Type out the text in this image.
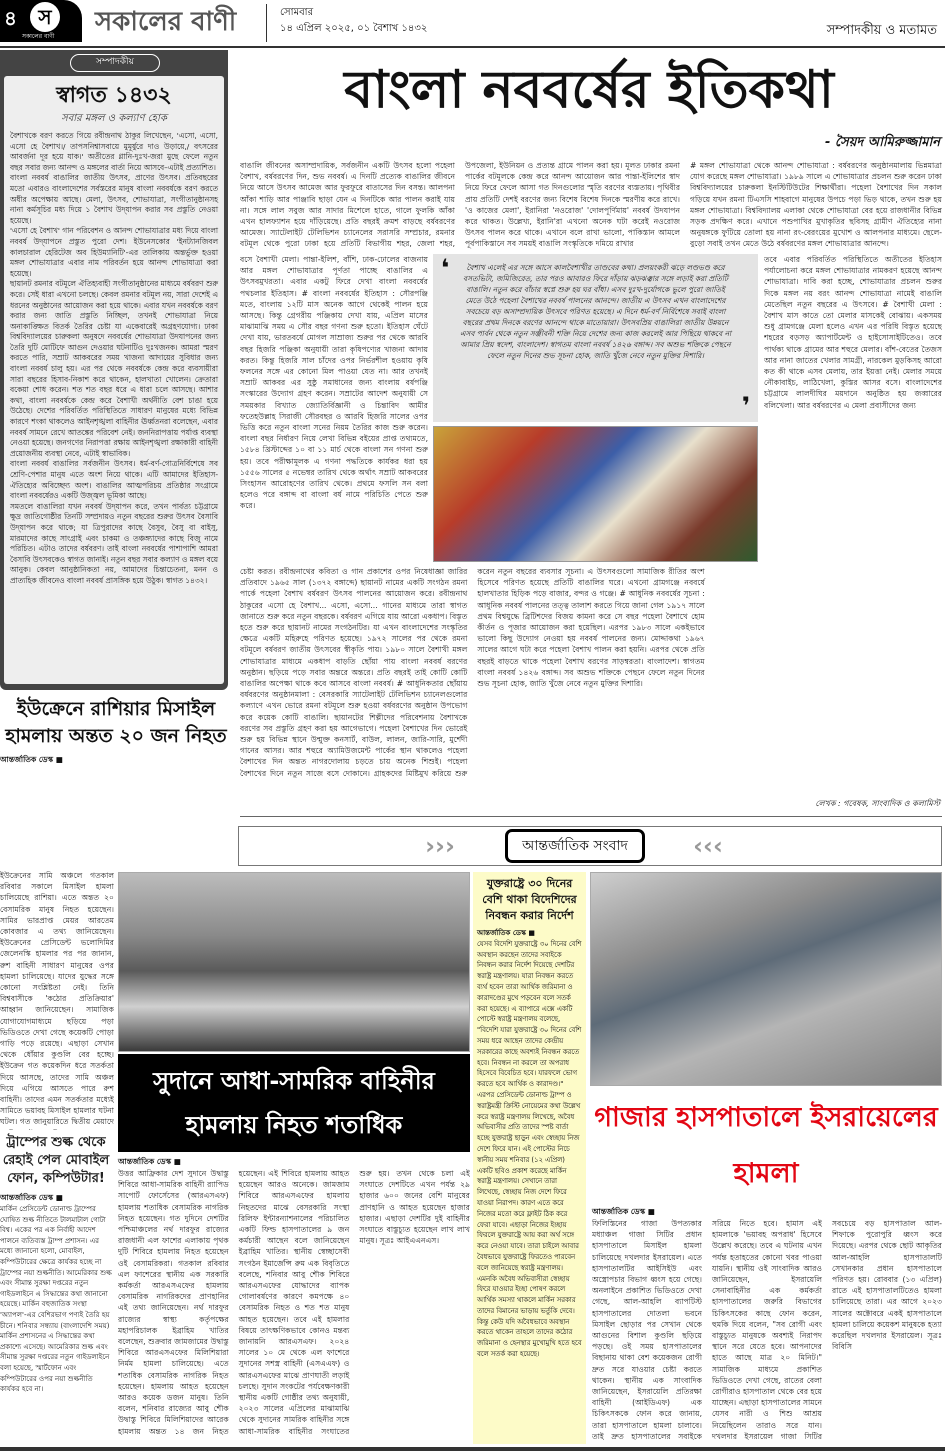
৪	স
সকালের বাণী সকালের বাণী	সোমবার
১৪ এপ্রিল ২০২৫, ০১ বৈশাখ ১৪৩২	সম্পাদকীয় ও মতামত
সম্পাদকীয়
স্বাগত ১৪৩২
সবার মঙ্গল ও কল্যাণ হোক

বৈশাখকে বরণ করতে গিয়ে রবীন্দ্রনাথ ঠাকুর লিখেছেন, 'এসো, এসো, এসো হে বৈশাখ।/ তাপসনিশ্বাসবায়ে মুমূর্ষুরে দাও উড়ায়ে,/ বৎসরের আবর্জনা দূর হয়ে যাক।' অতীতের গ্লানি-দুঃখ-জরা মুছে ফেলে নতুন বছর সবার জন্য আনন্দ ও মঙ্গলের বার্তা নিয়ে আসবে–এটাই প্রত্যাশিত।

বাংলা নববর্ষ বাঙালির জাতীয় উৎসব, প্রাণের উৎসব। প্রতিবছরের মতো এবারও বাংলাদেশের সর্বস্তরের মানুষ বাংলা নববর্ষকে বরণ করতে অধীর অপেক্ষায় আছে। মেলা, উৎসব, শোভাযাত্রা, সংগীতানুষ্ঠানসহ নানা কর্মসূচির মধ্য দিয়ে ১ বৈশাখ উদ্‌যাপন করার সব প্রস্তুতি নেওয়া হয়েছে।

'এসো হে বৈশাখ' গান পরিবেশন ও আনন্দ শোভাযাত্রার মধ্য দিয়ে বাংলা নববর্ষ উদ্‌যাপনে প্রস্তুত পুরো দেশ। ইউনেসকোর 'ইনট্যানজিবল কালচারাল হেরিটেজ অব হিউম্যানিটি'-এর তালিকায় অন্তর্ভুক্ত হওয়া মঙ্গল শোভাযাত্রার এবার নাম পরিবর্তন হয়ে আনন্দ শোভাযাত্রা করা হয়েছে।

ছায়ানট রমনার বটমূলে ঐতিহ্যবাহী সংগীতানুষ্ঠানের মাধ্যমে বর্ষবরণ শুরু করে। সেই ধারা এখনো চলছে। কেবল রমনার বটমূল নয়, সারা দেশেই এ ধরনের অনুষ্ঠানের আয়োজন করা হয়ে থাকে। এবার যখন নববর্ষকে বরণ করার জন্য জাতি প্রস্তুতি নিচ্ছিল, তখনই শোভাযাত্রা নিয়ে অনাকাঙ্ক্ষিত বিতর্ক তৈরির চেষ্টা যা একেবারেই অগ্রহণযোগ্য। ঢাকা বিশ্ববিদ্যালয়ের চারুকলা অনুষদে নববর্ষের শোভাযাত্রা উদযাপনের জন্য তৈরি দুটি মোটিফে আগুন দেওয়ার ঘটনাটিও দুঃখজনক। আমরা স্মরণ করতে পারি, সম্রাট আকবরের সময় খাজনা আদায়ের সুবিধার জন্য বাংলা নববর্ষ চালু হয়। এর পর থেকে নববর্ষকে কেন্দ্র করে ব্যবসায়ীরা সারা বছরের হিসাব-নিকাশ করে থাকেন, হালখাতা খোলেন। ক্রেতারা বকেয়া শোধ করেন। শত শত বছর ধরে এ ধারা চলে আসছে। আশার কথা, বাংলা নববর্ষকে কেন্দ্র করে বৈশাখী অর্থনীতি বেশ চাঙা হয়ে উঠেছে। দেশের পরিবর্তিত পরিস্থিতিতে সাধারণ মানুষের মধ্যে বিভিন্ন কারণে শংকা থাকলেও আইনশৃঙ্খলা বাহিনীর ঊর্ধ্বতনরা বলেছেন, এবার নববর্ষ সামনে রেখে আতঙ্কের পরিবেশ নেই। জননিরাপত্তায় পর্যাপ্ত ব্যবস্থা নেওয়া হয়েছে। জনগণের নিরাপত্তা রক্ষায় আইনশৃঙ্খলা রক্ষাকারী বাহিনী প্রয়োজনীয় ব্যবস্থা নেবে, এটাই স্বাভাবিক।

বাংলা নববর্ষ বাঙালির সর্বজনীন উৎসব। ধর্ম-বর্ণ-গোত্রনির্বিশেষে সব শ্রেণি-পেশার মানুষ এতে অংশ নিয়ে থাকে। এটি আমাদের ইতিহাস-ঐতিহ্যের অবিচ্ছেদ্য অংশ। বাঙালির আত্মপরিচয় প্রতিষ্ঠার সংগ্রামে বাংলা নববর্ষেরও একটি উজ্জ্বল ভূমিকা আছে।

সমতলে বাঙালিরা যখন নববর্ষ উদ্‌যাপন করে, তখন পার্বত্য চট্টগ্রামে ক্ষুদ্র জাতিগোষ্ঠীর তিনটি সম্প্রদায়ও নতুন বছরের শুরুর উৎসব বৈসাবি উদ্‌যাপন করে থাকে; যা ত্রিপুরাদের কাছে বৈসুব, বৈসু বা বাইসু, মারমাদের কাছে সাংগ্রাই এবং চাকমা ও তঞ্চঙ্গ্যাদের কাছে বিজু নামে পরিচিত। এটাও তাদের বর্ষবরণ। তাই বাংলা নববর্ষের পাশাপাশি আমরা বৈসাবি উৎসবকেও স্বাগত জানাই। নতুন বছর সবার কল্যাণ ও মঙ্গল বয়ে আনুক। কেবল আনুষ্ঠানিকতা নয়, আমাদের চিন্তাচেতনা, মনন ও প্রাত্যহিক জীবনেও বাংলা নববর্ষ প্রাসঙ্গিক হয়ে উঠুক। স্বাগত ১৪৩২।

বাংলা নববর্ষের ইতিকথা
- সৈয়দ আমিরুজ্জামান
বাঙালি জীবনের অসাম্প্রদায়িক, সর্বজনীন একটি উৎসব হলো পহেলা বৈশাখ, বর্ষবরণের দিন, শুভ নববর্ষ। এ দিনটি প্রত্যেক বাঙালির জীবনে নিয়ে আসে উৎসব আমেজ আর ফুরফুরে বাতাসের দিন বসন্ত। আলপনা আঁকা শাড়ি আর পাঞ্জাবি ছাড়া যেন এ দিনটিকে আর পালন করাই যায় না। সঙ্গে লাল সবুজ আর সাদার মিশেলে হাতে, গালে ফুলকি আঁকা এখন হালফ্যাশন হয়ে দাঁড়িয়েছে। প্রতি বছরই ক্রমশ বাড়ছে বর্ষবরণের আমেজ। স্যাটেলাইট টেলিভিশন চ্যানেলের সরাসরি সম্প্রচার, রমনার বটমূল থেকে পুরো ঢাকা হয়ে প্রতিটি বিভাগীয় শহর, জেলা শহর, উপজেলা, ইউনিয়ন ও প্রত্যন্ত গ্রামে পালন করা হয়। মূলত ঢাকার রমনা পার্কের বটমূলকে কেন্দ্র করে আনন্দ আয়োজন আর পান্তা-ইলিশের স্বাদ নিয়ে ফিরে ফেলে আসা গত দিনগুলোর স্মৃতি বরণের ব্যস্ততায়। পৃথিবীর প্রায় প্রতিটি দেশই বরণের জন্য বিশেষ বিশেষ দিনকে স্মরণীয় করে রাখে। 'ও কাজের মেলা', ইরানিরা 'নওরোজ' 'দোলপূর্ণিমায়' নববর্ষ উদযাপন করে থাকত। উল্লেখ্য, ইরানি'রা এখনো অনেক ঘটা করেই নওরোজ উৎসব পালন করে থাকে। এখানে বলে রাখা ভালো, পাকিস্তান আমলে পূর্বপাকিস্তানে সব সময়ই বাঙালি সংস্কৃতিকে দমিয়ে রাখার
# মঙ্গল শোভাযাত্রা থেকে আনন্দ শোভাযাত্রা : বর্ষবরণের অনুষ্ঠানমালায় ভিন্নমাত্রা যোগ করেছে মঙ্গল শোভাযাত্রা। ১৯৮৯ সালে এ শোভাযাত্রার প্রচলন শুরু করেন ঢাকা বিশ্ববিদ্যালয়ের চারুকলা ইনস্টিটিউটের শিক্ষার্থীরা। পহেলা বৈশাখের দিন সকাল গড়িয়ে যখন রমনা টিএসসি শাহবাগে মানুষের উপচে পড়া ভিড় থাকে, তখন শুরু হয় মঙ্গল শোভাযাত্রা। বিশ্ববিদ্যালয় এলাকা থেকে শোভাযাত্রা বের হয়ে রাজধানীর বিভিন্ন সড়ক প্রদক্ষিণ করে। এখানে পশুপাখির মুখাকৃতির ছবিসহ গ্রামীণ ঐতিহ্যের নানা অনুষঙ্গকে ফুটিয়ে তোলা হয় নানা রং-বেরংয়ের মুখোশ ও আলপনার মাধ্যমে। ছেলে-বুড়ো সবাই তখন মেতে উঠে বর্ষবরণের মঙ্গল শোভাযাত্রার আনন্দে।
বসে বৈশাখী মেলা। পান্তা-ইলিশ, বাঁশি, ঢাক-ঢোলের বাজনায় আর মঙ্গল শোভাযাত্রার পূর্ণতা পাচ্ছে বাঙালির এ উৎসবমুখরতা। এবার একটু ফিরে দেখা বাংলা নববর্ষের পথচলার ইতিহাস। # বাংলা নববর্ষের ইতিহাস : সৌরপঞ্জি মতে, বাংলায় ১২টি মাস অনেক আগে থেকেই পালন হয়ে আসছে। কিন্তু গ্রেগরীয় পঞ্জিকায় দেখা যায়, এপ্রিল মাসের মাঝামাঝি সময় এ সৌর বছর গণনা শুরু হতো। ইতিহাস ঘেঁটে দেখা যায়, ভারতবর্ষে মোগল সাম্রাজ্য শুরুর পর থেকে আরবি বছর হিজরি পঞ্জিকা অনুযায়ী তারা কৃষিপণ্যের খাজনা আদায় করত। কিন্তু হিজরি সাল চাঁদের ওপর নির্ভরশীল হওয়ায় কৃষি ফলনের সঙ্গে এর কোনো মিল পাওয়া যেত না। আর তখনই সম্রাট আকবর এর সুষ্ঠু সমাধানের জন্য বাংলায় বর্ষপঞ্জি সংস্কারের উদ্যোগ গ্রহণ করেন। সম্রাটের আদেশ অনুযায়ী সে সময়কার বিখ্যাত জ্যোতির্বিজ্ঞানী ও চিন্তাবিদ আমীর ফতেহউল্লাহ সিরাজী সৌরবছর ও আরবি হিজরি সালের ওপর ভিত্তি করে নতুন বাংলা সনের নিয়ম তৈরির কাজ শুরু করেন। বাংলা বছর নির্ধারণ নিয়ে লেখা বিভিন্ন বইয়ের প্রাপ্ত তথ্যমতে, ১৫৮৪ খ্রিস্টাব্দের ১০ বা ১১ মার্চ থেকে বাংলা সন গণনা শুরু হয়। তবে পরীক্ষামূলক এ গণনা পদ্ধতিকে কার্যকর ধরা হয় ১৫৫৬ সালের ৫ নভেম্বর তারিখ থেকে অর্থাৎ সম্রাট আকবরের সিংহাসন আরোহণের তারিখ থেকে। প্রথমে ফসলি সন বলা হলেও পরে বঙ্গাব্দ বা বাংলা বর্ষ নামে পরিচিতি পেতে শুরু করে।
বৈশাখ এলেই এর সঙ্গে আসে কালবৈশাখীর তাণ্ডবের কথা। প্রলয়ংকরী ঝড়ে লণ্ডভণ্ড করে বসতভিটা, জমিজিরেত, তার পরও আবারও ফিরে দাঁড়ায় ঝড়ঝঞ্ঝার সঙ্গে লড়াই করা প্রতিটি বাঙালি। নতুন করে বাঁচার স্বপ্নে শুরু হয় ঘর বাঁধা। এসব দুঃখ-দুর্যোগকে ভুলে পুরো জাতিই মেতে উঠে পহেলা বৈশাখের নববর্ষ পালনের আনন্দে। জাতীয় এ উৎসব এখন বাংলাদেশের সবচেয়ে বড় অসাম্প্রদায়িক উৎসবে পরিণত হয়েছে। এ দিনে ধর্ম-বর্ণ নির্বিশেষে সবাই বাংলা বছরের প্রথম দিনকে বরণের আনন্দে থাকে মাতোয়ারা। উৎসবপ্রিয় বাঙালিরা জাতীয় উন্নয়নে এসব পার্বন থেকে নতুন সঞ্জীবনী শক্তি নিয়ে দেশের জন্য কাজ করলেই আর পিছিয়ে থাকবে না আমার প্রিয় স্বদেশ, বাংলাদেশ। স্বাগতম বাংলা নববর্ষ ১৪২৬ বঙ্গাব্দ। সব অশুভ শক্তিকে পেছনে ফেলে নতুন দিনের শুভ সূচনা হোক, জাতি খুঁজে নেবে নতুন মুক্তির দিশারি।
❛
❜
তবে এবার পরিবর্তিত পরিস্থিতিতে অতীতের ইতিহাস পর্যালোচনা করে মঙ্গল শোভাযাত্রার নামকরণ হয়েছে আনন্দ শোভাযাত্রা। দাবি করা হচ্ছে, শোভাযাত্রার প্রচলন শুরুর দিকে মঙ্গল নয় বরং আনন্দ শোভাযাত্রা নামেই বাঙালি মেতেছিল নতুন বছরের এ উৎসবে। # বৈশাখী মেলা : বৈশাখ মাস কাতে তো মেলার মাসকেই বোঝায়। একসময় শুধু গ্রামগঞ্জে মেলা হলেও এখন এর পরিধি বিস্তৃত হয়েছে শহরের বড়সড় অ্যাপার্টমেন্ট ও হাইসোসাইটিতেও। তবে পার্থক্য থাকে গ্রামের আর শহুরে মেলার। বাঁশ-বেতের তৈজস আর নানা জাতের খেলার সামগ্রী, নারকেল মুড়কিসহ আরো কত কী থাকে এসব মেলায়, তার ইয়ত্তা নেই। মেলার সময়ে নৌকাবাইচ, লাঠিখেলা, কুস্তির আসর বসে। বাংলাদেশের চট্টগ্রামে লালদীঘির ময়দানে অনুষ্ঠিত হয় জব্বারের বলিখেলা। আর বর্ষবরণের এ মেলা প্রবাসীদের জন্য
চেষ্টা করত। রবীন্দ্রনাথের কবিতা ও গান প্রকাশের ওপর নিষেধাজ্ঞা জারির প্রতিবাদে ১৯৬৫ সাল (১৩৭২ বঙ্গাব্দে) ছায়ানট নামের একটি সংগঠন রমনা পার্কে পহেলা বৈশাখ বর্ষবরণ উৎসব পালনের আয়োজন করে। রবীন্দ্রনাথ ঠাকুরের এসো হে বৈশাখ... এসো, এসো... গানের মাধ্যমে তারা স্বাগত জানাতে শুরু করে নতুন বছরকে। বর্ষবরণ এগিয়ে যায় আরো একধাপ। বিস্তৃত হতে শুরু করে ছায়ানট নামের সংগঠনটির। যা এখন বাংলাদেশের সংস্কৃতির ক্ষেত্রে একটি মহিরুহে পরিণত হয়েছে। ১৯৭২ সালের পর থেকে রমনা বটমূলে বর্ষবরণ জাতীয় উৎসবের স্বীকৃতি পায়। ১৯৮০ সালে বৈশাখী মঙ্গল শোভাযাত্রার মাধ্যমে একধাপ বাড়তি ছোঁয়া পায় বাংলা নববর্ষ বরণের অনুষ্ঠান। ছড়িয়ে পড়ে সবার অন্তরে অন্তরে। প্রতি বছরই তাই কোটি কোটি বাঙালির অপেক্ষা থাকে কবে আসবে বাংলা নববর্ষ। # আধুনিকতার ছোঁয়ায় বর্ষবরণের অনুষ্ঠানমালা : বেসরকারি স্যাটেলাইট টেলিভিশন চ্যানেলগুলোর কল্যাণে এখন ভোরে রমনা বটমূলে শুরু হওয়া বর্ষবরণের অনুষ্ঠান উপভোগ করে কয়েক কোটি বাঙালি। ছায়ানটের শিল্পীদের পরিবেশনায় বৈশাখকে বরণের সব প্রস্তুতি গ্রহণ করা হয় আগেভাগে। পহেলা বৈশাখের দিন ভোরেই শুরু হয় বিভিন্ন স্থানে উন্মুক্ত কনসার্ট, বাউল, লালন, জারি-সারি, মুর্শেদী গানের আসর। আর শহুরে অ্যামিউজমেন্ট পার্কের স্থান থাকলেও পহেলা বৈশাখের দিন অন্তত নাগরদোলায় চড়তে চায় অনেক শিশুই। পহেলা বৈশাখের দিনে নতুন সাজে বসে দোকানে। গ্রাহকদের মিষ্টিমুখ করিয়ে শুরু করেন নতুন বছরের ব্যবসার সূচনা। এ উৎসবগুলো সামাজিক রীতির অংশ হিসেবে পরিণত হয়েছে প্রতিটি বাঙালির ঘরে। এখনো গ্রামগঞ্জে নববর্ষে হালখাতার হিড়িক পড়ে বাজার, বন্দর ও গঞ্জে। # আধুনিক নববর্ষের সূচনা : আধুনিক নববর্ষ পালনের তত্ত্ব তালাশ করতে গিয়ে জানা গেল ১৯১৭ সালে প্রথম বিশ্বযুদ্ধে ব্রিটিশদের বিজয় কামনা করে সে বছর পহেলা বৈশাখে হোম কীর্তন ও পূজার আয়োজন করা হয়েছিল। এরপর ১৯৮৩ সালে একইভাবে ভালো কিছু উদ্যোগ নেওয়া হয় নববর্ষ পালনের জন্য। মোদ্দাকথা ১৯৬৭ সালের আগে ঘটা করে পহেলা বৈশাখ পালন করা হয়নি। এরপর থেকে প্রতি বছরই বাড়তে থাকে পহেলা বৈশাখ বরণের সাড়ম্বরতা। বাংলাদেশ। স্বাগতম বাংলা নববর্ষ ১৪২৬ বঙ্গাব্দ। সব অশুভ শক্তিকে পেছনে ফেলে নতুন দিনের শুভ সূচনা হোক, জাতি খুঁজে নেবে নতুন মুক্তির দিশারি।
লেখক : গবেষক, সাংবাদিক ও কলামিস্ট
›››	‹‹‹
আন্তর্জাতিক সংবাদ
ইউক্রেনে রাশিয়ার মিসাইল হামলায় অন্তত ২০ জন নিহত
আন্তর্জাতিক ডেস্ক ■
ইউক্রেনের সামি অঞ্চলে গতকাল রবিবার সকালে মিসাইল হামলা চালিয়েছে রাশিয়া। এতে অন্তত ২০ বেসামরিক মানুষ নিহত হয়েছেন। সামির ভারপ্রাপ্ত মেয়র আরতেম কোবজার এ তথ্য জানিয়েছেন। ইউক্রেনের প্রেসিডেন্ট ভলোদিমির জেলেনস্কি হামলার পর পর জানান, রুশ বাহিনী সাধারণ মানুষের ওপর হামলা চালিয়েছে। যাদের যুদ্ধের সঙ্গে কোনো সংশ্লিষ্টতা নেই। তিনি বিশ্ববাসীকে 'কঠোর প্রতিক্রিয়ার' আহ্বান জানিয়েছেন। সামাজিক যোগাযোগমাধ্যমে ছড়িয়ে পড়া ভিডিওতে দেখা গেছে কয়েকটি পোড়া গাড়ি পড়ে রয়েছে। এছাড়া সেখান থেকে ধোঁয়ার কুণ্ডলি বের হচ্ছে। ইউক্রেন গত কয়েকদিন ধরে সতর্কতা দিয়ে আসছে, তাদের সামি অঞ্চল দিয়ে এগিয়ে আসতে পারে রুশ বাহিনী। তাদের এমন সতর্কতার মধ্যেই সামিতে ভয়াবহ মিসাইল হামলার ঘটনা ঘটল। গত জানুয়ারিতে দ্বিতীয় মেয়াদে
ট্রাম্পের শুল্ক থেকে রেহাই পেল মোবাইল ফোন, কম্পিউটার!
আন্তর্জাতিক ডেস্ক ■
মার্কিন প্রেসিডেন্ট ডোনাল্ড ট্রাম্পের ঘোষিত শুল্ক নীতিতে টালমাটাল গোটা বিশ্ব। একের পর এক নির্বাহী আদেশ পালনে ব্যতিব্যস্ত ট্রাম্প প্রশাসন। এর মধ্যে জানানো হলো, মোবাইল, কম্পিউটারের ক্ষেত্রে কার্যকর হচ্ছে না ট্রাম্পের নয়া শুল্কনীতি। আমেরিকার শুল্ক এবং সীমান্ত সুরক্ষা দপ্তরের নতুন গাইডলাইনে এ সিদ্ধান্তের কথা জানানো হয়েছে। মার্কিন বহুজাতিক সংস্থা 'অ্যাপল'-এর বেশিরভাগ পণ্যই তৈরি হয় চীনে। শনিবার সন্ধ্যায় (বাংলাদেশি সময়) মার্কিন প্রশাসনের এ সিদ্ধান্তের কথা প্রকাশ্যে এসেছে। আমেরিকার শুল্ক এবং সীমান্ত সুরক্ষা দপ্তরের নতুন গাইডলাইনে বলা হয়েছে, স্মার্টফোন এবং কম্পিউটারের ওপর নয়া শুল্কনীতি কার্যকর হবে না।
সুদানে আধা-সামরিক বাহিনীর হামলায় নিহত শতাধিক
আন্তর্জাতিক ডেস্ক ■
উত্তর আফ্রিকার দেশ সুদানে উদ্বাস্তু শিবিরে আধা-সামরিক বাহিনী র‍্যাপিড সাপোর্ট ফোর্সেসের (আরএসএফ) হামলায় শতাধিক বেসামরিক নাগরিক নিহত হয়েছেন। গত দুদিনে দেশটির পশ্চিমাঞ্চলের নর্থ দারফুর রাজ্যের রাজধানী এল ফাশের এলাকায় পৃথক দুটি শিবিরে হামলায় নিহত হয়েছেন ওই বেসামরিকরা। গতকাল রবিবার এল ফাশেরের স্থানীয় এক সরকারি কর্মকর্তা আরএসএফের হামলায় বেসামরিক নাগরিকদের প্রাণহানির এই তথ্য জানিয়েছেন। নর্থ দারফুর রাজ্যের স্বাস্থ্য কর্তৃপক্ষের মহাপরিচালক ইব্রাহিম খাতির বলেছেন, শুক্রবার জামজামের উদ্বাস্তু শিবিরে আরএসএফের মিলিশিয়ারা নির্মম হামলা চালিয়েছে। এতে শতাধিক বেসামরিক নাগরিক নিহত হয়েছেন। হামলায় আহত হয়েছেন আরও কয়েক ডজন মানুষ। তিনি বলেন, শনিবার রাজ্যের আবু শৌক উদ্বাস্তু শিবিরে মিলিশিয়াদের আরেক হামলায় অন্তত ১৪ জন নিহত হয়েছেন। এই শিবিরে হামলায় আহত হয়েছেন আরও অনেকে। জামজাম শিবিরে আরএসএফের হামলায় নিহতদের মাঝে বেসরকারি সংস্থা রিলিফ ইন্টারন্যাশনালের পরিচালিত একটি ফিল্ড হাসপাতালের ৯ জন কর্মচারী আছেন বলে জানিয়েছেন ইব্রাহিম খাতির। স্থানীয় স্বেচ্ছাসেবী সংগঠন ইমার্জেন্সি রুম এক বিবৃতিতে বলেছে, শনিবার আবু শৌক শিবিরে আরএসএফের যোদ্ধাদের ব্যাপক গোলাবর্ষণের কারণে কমপক্ষে ৪০ বেসামরিক নিহত ও শত শত মানুষ আহত হয়েছেন। তবে এই হামলার বিষয়ে তাৎক্ষণিকভাবে কোনও মন্তব্য জানায়নি আরএসএফ। ২০২৪ সালের ১০ মে থেকে এল ফাশেরে সুদানের সশস্ত্র বাহিনী (এসএএফ) ও আরএসএফের মাঝে প্রাণঘাতী লড়াই চলছে। সুদান সংকটের পর্যবেক্ষণকারী স্থানীয় একটি গোষ্ঠীর তথ্য অনুযায়ী, ২০২৩ সালের এপ্রিলের মাঝামাঝি থেকে সুদানের সামরিক বাহিনীর সঙ্গে আধা-সামরিক বাহিনীর সংঘাতের শুরু হয়। তখন থেকে চলা এই সংঘাতে দেশটিতে এখন পর্যন্ত ২৯ হাজার ৬০০ জনের বেশি মানুষের প্রাণহানি ও আহত হয়েছেন হাজার হাজার। এছাড়া দেশটির দুই বাহিনীর সংঘাতে বাস্তুচ্যুত হয়েছেন লাখ লাখ মানুষ। সূত্রঃ আইএএনএস।
যুক্তরাষ্ট্রে ৩০ দিনের বেশি থাকা বিদেশিদের নিবন্ধন করার নির্দেশ
আন্তর্জাতিক ডেস্ক ■
যেসব বিদেশি যুক্তরাষ্ট্রে ৩০ দিনের বেশি অবস্থান করছেন তাদের সবাইকে নিবন্ধন করার নির্দেশ দিয়েছে দেশটির স্বরাষ্ট্র মন্ত্রণালয়। যারা নিবন্ধন করতে ব্যর্থ হবেন তারা আর্থিক জরিমানা ও কারাদণ্ডের মুখে পড়বেন বলে সতর্ক করা হয়েছে। এ ব্যাপারে এক্সে একটি পোস্টে স্বরাষ্ট্র মন্ত্রণালয় বলেছে, "বিদেশি যারা যুক্তরাষ্ট্রে ৩০ দিনের বেশি সময় ধরে আছেন তাদের কেন্দ্রীয় সরকারের কাছে অবশ্যই নিবন্ধন করতে হবে। নিবন্ধন না করলে তা অপরাধ হিসেবে বিবেচিত হবে। যারফলে ভোগ করতে হবে আর্থিক ও কারাদণ্ড।" এরপর প্রেসিডেন্ট ডোনাল্ড ট্রাম্প ও স্বরাষ্ট্রমন্ত্রী ক্রিস্টি নোয়েমের কথা উল্লেখ করে স্বরাষ্ট্র মন্ত্রণালয় লিখেছে, অবৈধ অভিবাসীর প্রতি তাদের স্পষ্ট বার্তা হচ্ছে যুক্তরাষ্ট্র ছাড়ুন এবং স্বেচ্ছায় নিজ দেশে ফিরে যান। এই পোস্টের নিচে স্বানীয় সময় শনিবার (১২ এপ্রিল) একটি ছবিও প্রকাশ করেছে মার্কিন স্বরাষ্ট্র মন্ত্রণালয়। সেখানে তারা লিখেছে, স্বেচ্ছায় নিজ দেশে ফিরে যাওয়া নিরাপদ। কারণ এতে করে নিজের মতো করে ফ্লাইট ঠিক করে ফেরা যাবে। এছাড়া নিজের ইচ্ছায় ফিরলে যুক্তরাষ্ট্রে আয় করা অর্থ সঙ্গে করে নেওয়া যাবে। তারা চাইলে আবার বৈধভাবে যুক্তরাষ্ট্রে ফিরতেও পারবেন বলে জানিয়েছে স্বরাষ্ট্র মন্ত্রণালয়। এমনকি অবৈধ অভিবাসীরা স্বেচ্ছায় ফিরে যাওয়ার ইচ্ছা পোষণ করলে আর্থিক সমস্যা থাকলে মার্কিন সরকার তাদের বিমানের ভাড়ায় ভর্তুকি দেবে। কিন্তু কেউ যদি অবৈধভাবে অবস্থান করতে থাকেন তাহলে তাদের কঠোর জরিমানা ও হেনস্থার মুখোমুখি হতে হবে বলে সতর্ক করা হয়েছে।
গাজার হাসপাতালে ইসরায়েলের হামলা
আন্তর্জাতিক ডেস্ক ■
ফিলিস্তিনের গাজা উপত্যকার মধ্যাঞ্চল গাজা সিটির প্রধান হাসপাতালে মিসাইল হামলা চালিয়েছে দখলদার ইসরায়েল। এতে হাসপাতালটির আইসিইউ এবং অস্ত্রোপচার বিভাগ ধ্বংস হয়ে গেছে। অনলাইনে প্রকাশিত ভিডিওতে দেখা গেছে, আল-আহলি ব্যাপটিস্ট হাসপাতালের দোতলা ভবনে মিসাইল ছোড়ার পর সেখান থেকে আগুনের বিশাল কুণ্ডলি ছড়িয়ে পড়ছে। ওই সময় হাসপাতালের বিছানায় থাকা বেশ কয়েকজন রোগী দ্রুত সরে যাওয়ার চেষ্টা করতে থাকেন। স্থানীয় এক সাংবাদিক জানিয়েছেন, ইসরায়েলি প্রতিরক্ষা বাহিনী (আইডিএফ) এক চিকিৎসককে ফোন করে জানায়, তারা হাসপাতালে হামলা চালাবে। তাই দ্রুত হাসপাতালের সবাইকে সরিয়ে নিতে হবে। হামাস এই হামলাকে 'ভয়াবহ অপরাধ' হিসেবে উল্লেখ করেছে। তবে এ ঘটনায় এখন পর্যন্ত হতাহতের কোনো খবর পাওয়া যায়নি। স্থানীয় ওই সাংবাদিক আরও জানিয়েছেন, ইসরায়েলি সেনাবাহিনীর এক কর্মকর্তা হাসপাতালের জরুরি বিভাগের চিকিৎসকের কাছে ফোন করেন, হুমকি দিয়ে বলেন, "সব রোগী এবং বাস্তুচ্যুত মানুষকে অবশ্যই নিরাপদ স্থানে সরে যেতে হবে। আপনাদের হাতে আছে মাত্র ২০ মিনিট।" সামাজিক মাধ্যমে প্রকাশিত ভিডিওতে দেখা গেছে, রাতের বেলা রোগীরাও হাসপাতাল থেকে বের হয়ে যাচ্ছেন। এছাড়া হাসপাতালের সামনে যেসব নারী ও শিশু আশ্রয় নিয়েছিলেন তারাও সরে যান। দখলদার ইসরায়েল গাজা সিটির সবচেয়ে বড় হাসপাতাল আল-শিফাকে পুরোপুরি ধ্বংস করে দিয়েছে। এরপর থেকে ছোট আকৃতির আল-আহলি হাসপাতালটি সেখানকার প্রধান হাসপাতালে পরিণত হয়। রোববার (১৩ এপ্রিল) রাতে এই হাসপাতালটিতেও হামলা চালিয়েছে তারা। এর আগে ২০২৩ সালের অক্টোবরে একই হাসপাতালে হামলা চালিয়ে কয়েকশ মানুষকে হত্যা করেছিল দখলদার ইসরায়েল। সূত্রঃ বিবিসি
